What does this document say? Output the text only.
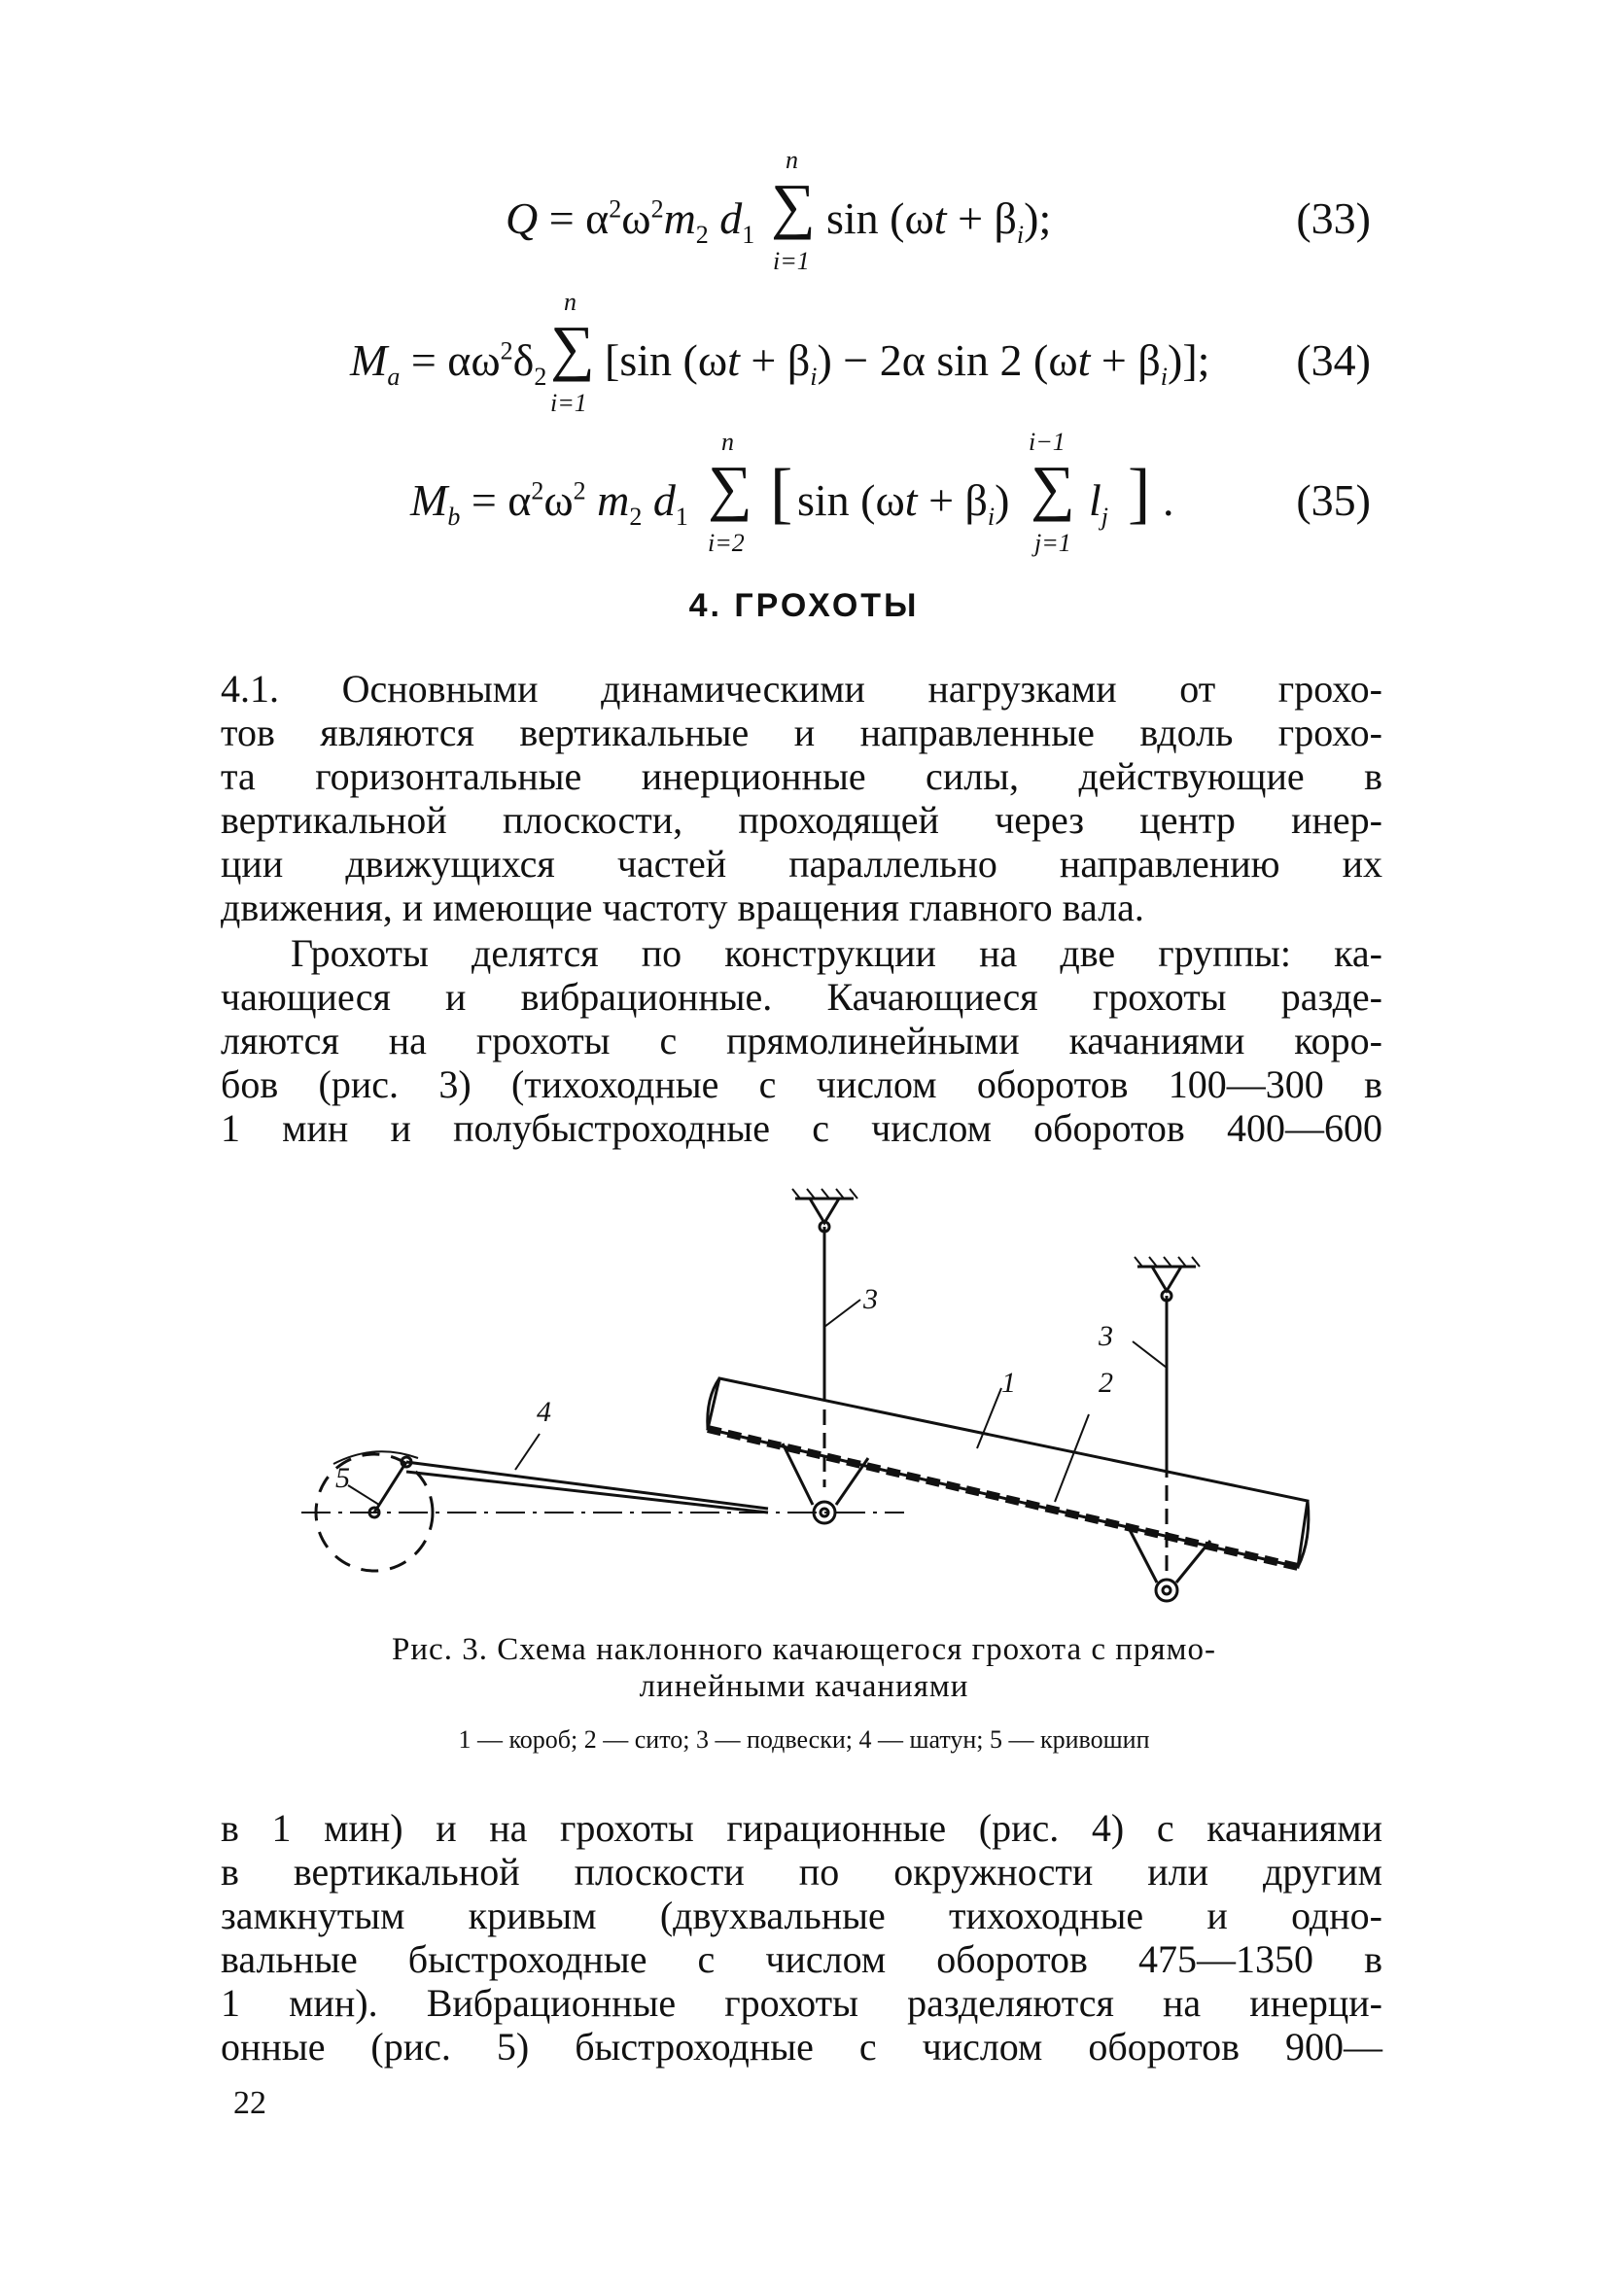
n
$Q = \alpha^2\omega^2m_2$ $d_1$ ∑ $\sin (\omega t + \beta_i)$;
i=1
(33)
n
$M_a = \alpha\omega^2\delta_2$ ∑ [sin $(\omega t + \beta_i) - 2\alpha$ sin 2 $(\omega t + \beta_i)$];
i=1
(34)
n
$M_b = \alpha^2\omega^2$ $m_2$ $d_1$ ∑ [ $\sin (\omega t + \beta_i)$
i−1
∑ $l_j$ ] .
i=2	j=1
(35)
4. ГРОХОТЫ
4.1. Основными динамическими нагрузками от грохо-
тов являются вертикальные и направленные вдоль грохо-
та горизонтальные инерционные силы, действующие в
вертикальной плоскости, проходящей через центр инер-
ции движущихся частей параллельно направлению их
движения, и имеющие частоту вращения главного вала.
Грохоты делятся по конструкции на две группы: ка-
чающиеся и вибрационные. Качающиеся грохоты разде-
ляются на грохоты с прямолинейными качаниями коро-
бов (рис. 3) (тихоходные с числом оборотов 100—300 в
1 мин и полубыстроходные с числом оборотов 400—600
1	2
3
3
4
5
Рис. 3. Схема наклонного качающегося грохота с прямо-
линейными качаниями
1 — короб; 2 — сито; 3 — подвески; 4 — шатун; 5 — кривошип
в 1 мин) и на грохоты гирационные (рис. 4) с качаниями
в вертикальной плоскости по окружности или другим
замкнутым кривым (двухвальные тихоходные и одно-
вальные быстроходные с числом оборотов 475—1350 в
1 мин). Вибрационные грохоты разделяются на инерци-
онные (рис. 5) быстроходные с числом оборотов 900—
22
